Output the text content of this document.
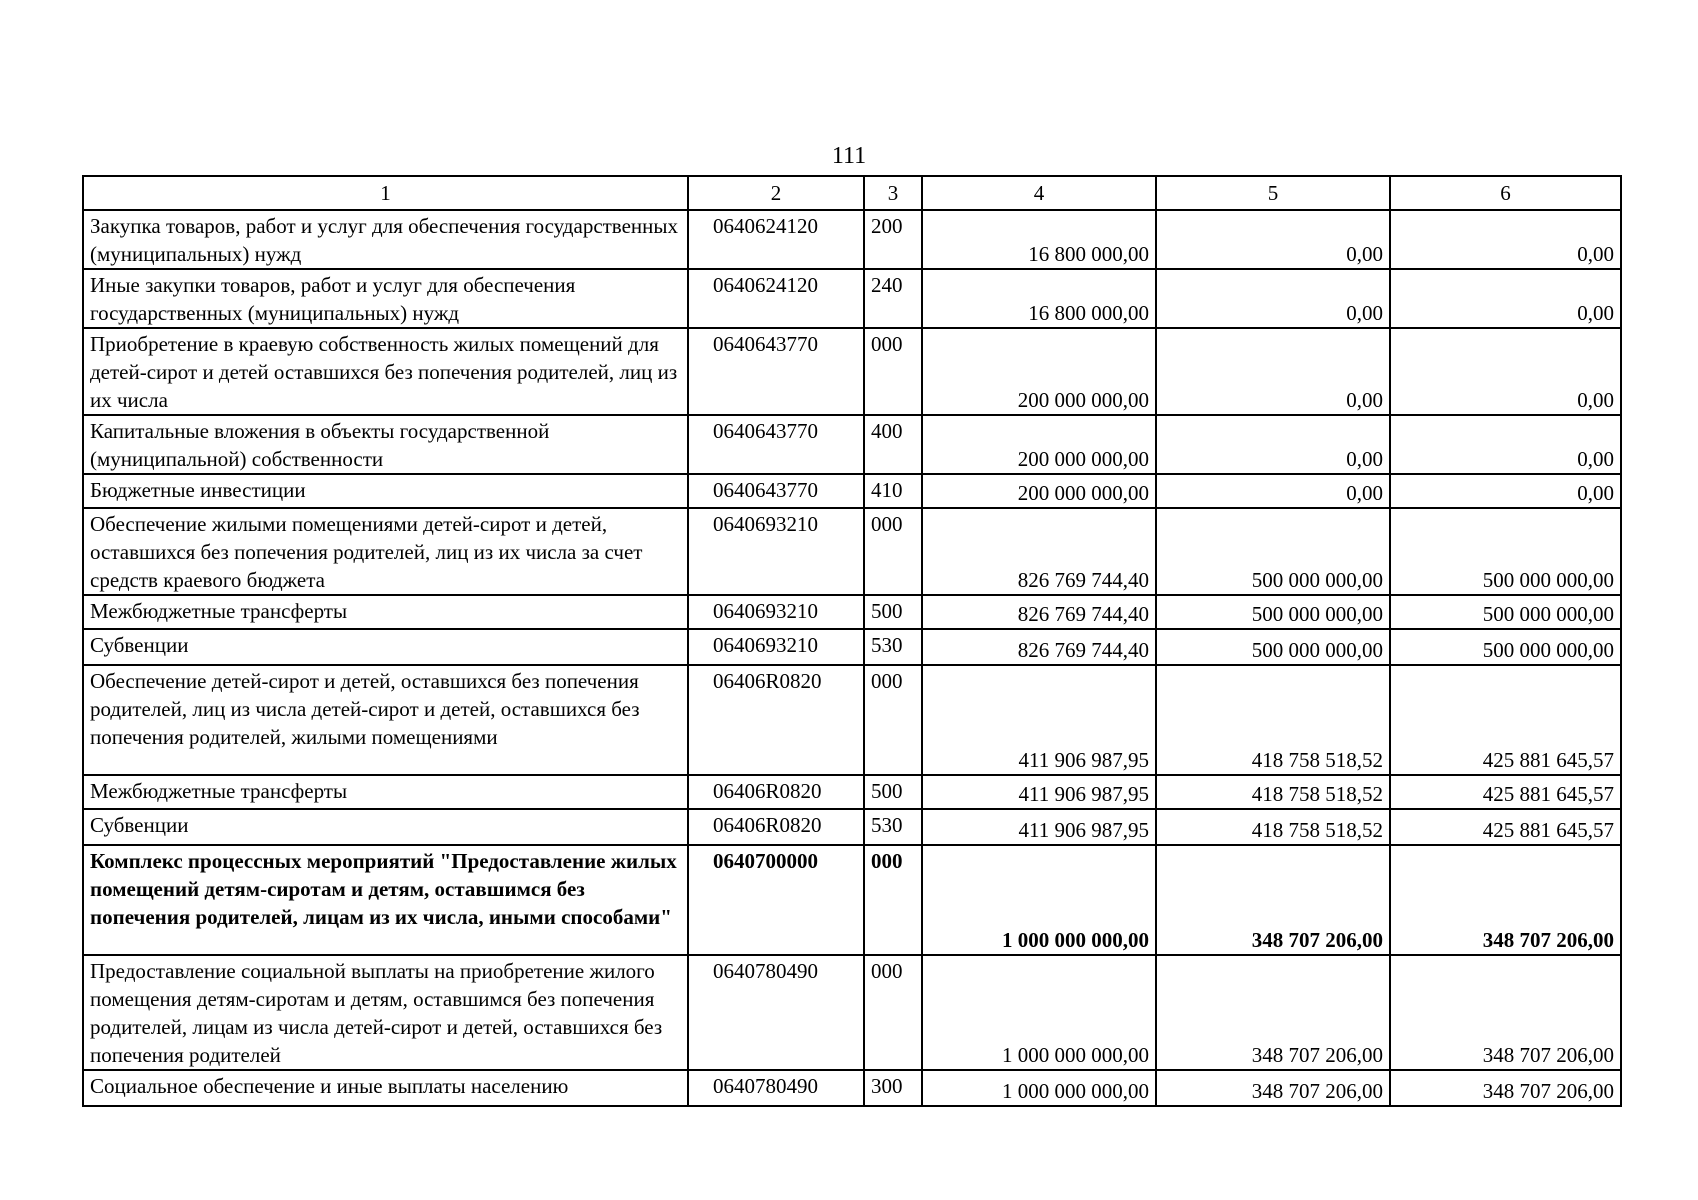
111
1	2	3	4	5	6
Закупка товаров, работ и услуг для обеспечения государственных (муниципальных) нужд	0640624120	200	16 800 000,00	0,00	0,00
Иные закупки товаров, работ и услуг для обеспечения государственных (муниципальных) нужд	0640624120	240	16 800 000,00	0,00	0,00
Приобретение в краевую собственность жилых помещений для детей-сирот и детей оставшихся без попечения родителей, лиц из их числа	0640643770	000	200 000 000,00	0,00	0,00
Капитальные вложения в объекты государственной (муниципальной) собственности	0640643770	400	200 000 000,00	0,00	0,00
Бюджетные инвестиции	0640643770	410	200 000 000,00	0,00	0,00
Обеспечение жилыми помещениями детей-сирот и детей, оставшихся без попечения родителей, лиц из их числа за счет средств краевого бюджета	0640693210	000	826 769 744,40	500 000 000,00	500 000 000,00
Межбюджетные трансферты	0640693210	500	826 769 744,40	500 000 000,00	500 000 000,00
Субвенции	0640693210	530	826 769 744,40	500 000 000,00	500 000 000,00
Обеспечение детей-сирот и детей, оставшихся без попечения родителей, лиц из числа детей-сирот и детей, оставшихся без попечения родителей, жилыми помещениями	06406R0820	000	411 906 987,95	418 758 518,52	425 881 645,57
Межбюджетные трансферты	06406R0820	500	411 906 987,95	418 758 518,52	425 881 645,57
Субвенции	06406R0820	530	411 906 987,95	418 758 518,52	425 881 645,57
Комплекс процессных мероприятий "Предоставление жилых помещений детям-сиротам и детям, оставшимся без попечения родителей, лицам из их числа, иными способами"	0640700000	000	1 000 000 000,00	348 707 206,00	348 707 206,00
Предоставление социальной выплаты на приобретение жилого помещения детям-сиротам и детям, оставшимся без попечения родителей, лицам из числа детей-сирот и детей, оставшихся без попечения родителей	0640780490	000	1 000 000 000,00	348 707 206,00	348 707 206,00
Социальное обеспечение и иные выплаты населению	0640780490	300	1 000 000 000,00	348 707 206,00	348 707 206,00
